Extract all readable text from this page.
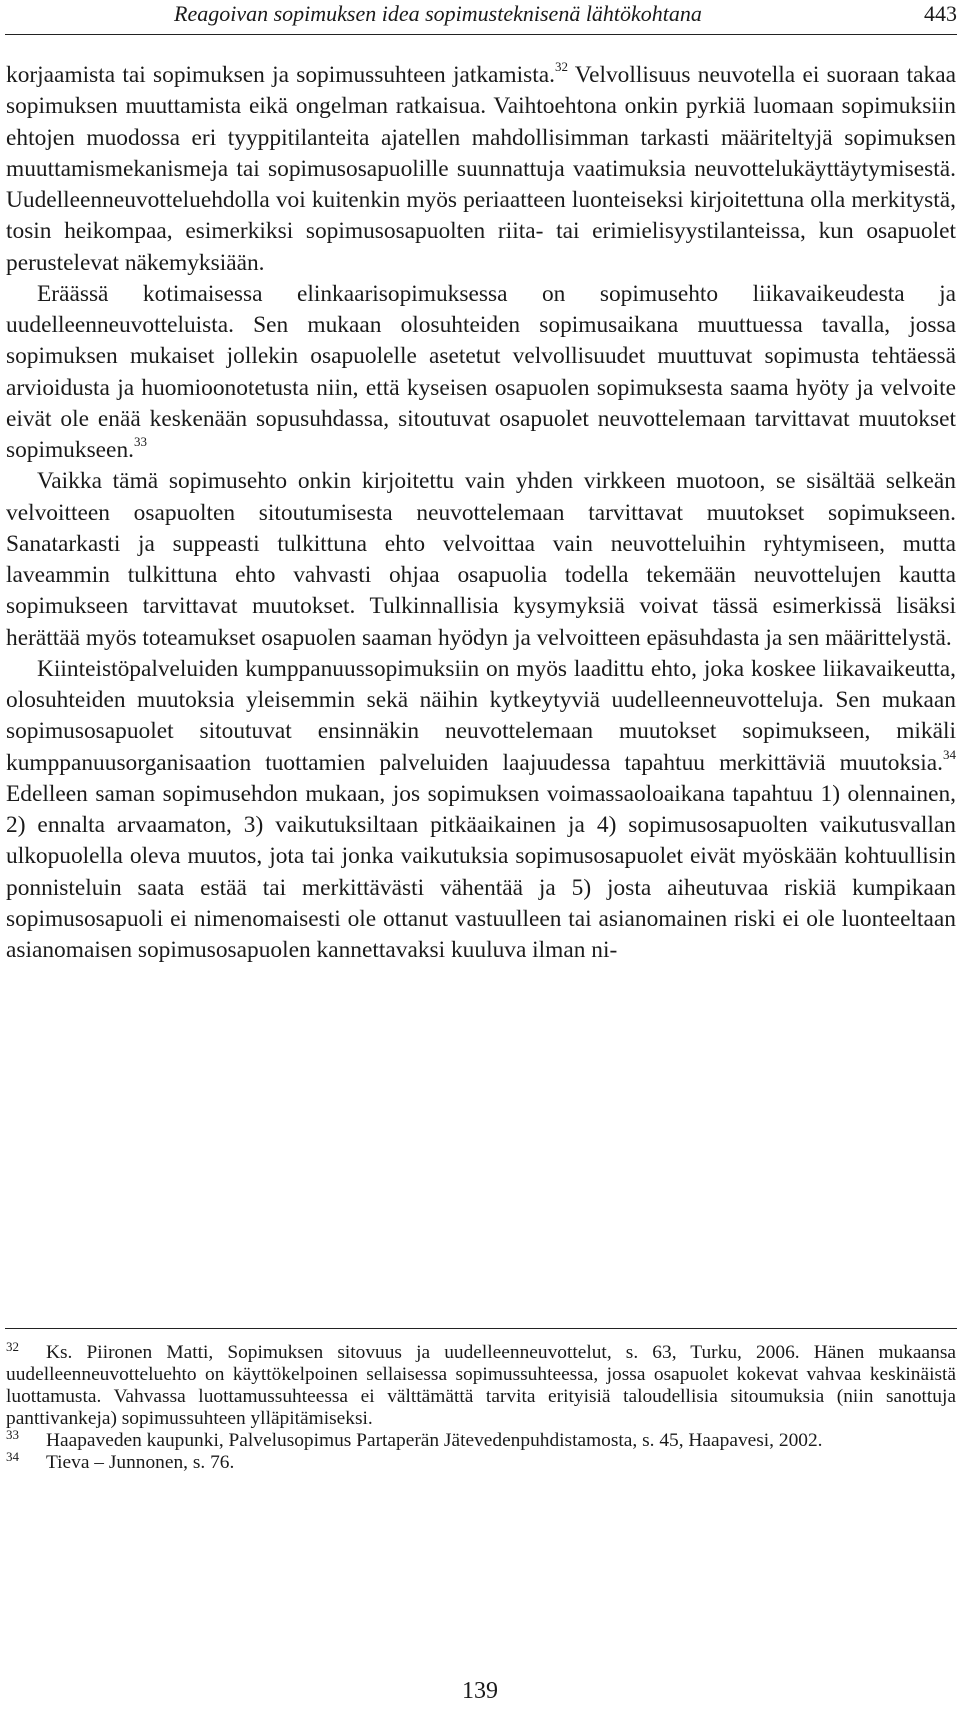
Reagoivan sopimuksen idea sopimusteknisenä lähtökohtana	443

korjaamista tai sopimuksen ja sopimussuhteen jatkamista.$^{32}$ Velvollisuus neuvotella ei suoraan takaa sopimuksen muuttamista eikä ongelman ratkaisua. Vaihtoehtona onkin pyrkiä luomaan sopimuksiin ehtojen muodossa eri tyyppitilanteita ajatellen mahdollisimman tarkasti määriteltyjä sopimuksen muuttamismekanismeja tai sopimusosapuolille suunnattuja vaatimuksia neuvottelukäyttäytymisestä. Uudelleenneuvotteluehdolla voi kuitenkin myös periaatteen luonteiseksi kirjoitettuna olla merkitystä, tosin heikompaa, esimerkiksi sopimusosapuolten riita- tai erimielisyystilanteissa, kun osapuolet perustelevat näkemyksiään.

Eräässä kotimaisessa elinkaarisopimuksessa on sopimusehto liikavaikeudesta ja uudelleenneuvotteluista. Sen mukaan olosuhteiden sopimusaikana muuttuessa tavalla, jossa sopimuksen mukaiset jollekin osapuolelle asetetut velvollisuudet muuttuvat sopimusta tehtäessä arvioidusta ja huomioonotetusta niin, että kyseisen osapuolen sopimuksesta saama hyöty ja velvoite eivät ole enää keskenään sopusuhdassa, sitoutuvat osapuolet neuvottelemaan tarvittavat muutokset sopimukseen.$^{33}$

Vaikka tämä sopimusehto onkin kirjoitettu vain yhden virkkeen muotoon, se sisältää selkeän velvoitteen osapuolten sitoutumisesta neuvottelemaan tarvittavat muutokset sopimukseen. Sanatarkasti ja suppeasti tulkittuna ehto velvoittaa vain neuvotteluihin ryhtymiseen, mutta laveammin tulkittuna ehto vahvasti ohjaa osapuolia todella tekemään neuvottelujen kautta sopimukseen tarvittavat muutokset. Tulkinnallisia kysymyksiä voivat tässä esimerkissä lisäksi herättää myös toteamukset osapuolen saaman hyödyn ja velvoitteen epäsuhdasta ja sen määrittelystä.

Kiinteistöpalveluiden kumppanuussopimuksiin on myös laadittu ehto, joka koskee liikavaikeutta, olosuhteiden muutoksia yleisemmin sekä näihin kytkeytyviä uudelleenneuvotteluja. Sen mukaan sopimusosapuolet sitoutuvat ensinnäkin neuvottelemaan muutokset sopimukseen, mikäli kumppanuusorganisaation tuottamien palveluiden laajuudessa tapahtuu merkittäviä muutoksia.$^{34}$ Edelleen saman sopimusehdon mukaan, jos sopimuksen voimassaoloaikana tapahtuu 1) olennainen, 2) ennalta arvaamaton, 3) vaikutuksiltaan pitkäaikainen ja 4) sopimusosapuolten vaikutusvallan ulkopuolella oleva muutos, jota tai jonka vaikutuksia sopimusosapuolet eivät myöskään kohtuullisin ponnisteluin saata estää tai merkittävästi vähentää ja 5) josta aiheutuvaa riskiä kumpikaan sopimusosapuoli ei nimenomaisesti ole ottanut vastuulleen tai asianomainen riski ei ole luonteeltaan asianomaisen sopimusosapuolen kannettavaksi kuuluva ilman ni-

32 Ks. Piironen Matti, Sopimuksen sitovuus ja uudelleenneuvottelut, s. 63, Turku, 2006. Hänen mukaansa uudelleenneuvotteluehto on käyttökelpoinen sellaisessa sopimussuhteessa, jossa osapuolet kokevat vahvaa keskinäistä luottamusta. Vahvassa luottamussuhteessa ei välttämättä tarvita erityisiä taloudellisia sitoumuksia (niin sanottuja panttivankeja) sopimussuhteen ylläpitämiseksi.

33 Haapaveden kaupunki, Palvelusopimus Partaperän Jätevedenpuhdistamosta, s. 45, Haapavesi, 2002.

34 Tieva – Junnonen, s. 76.

139
